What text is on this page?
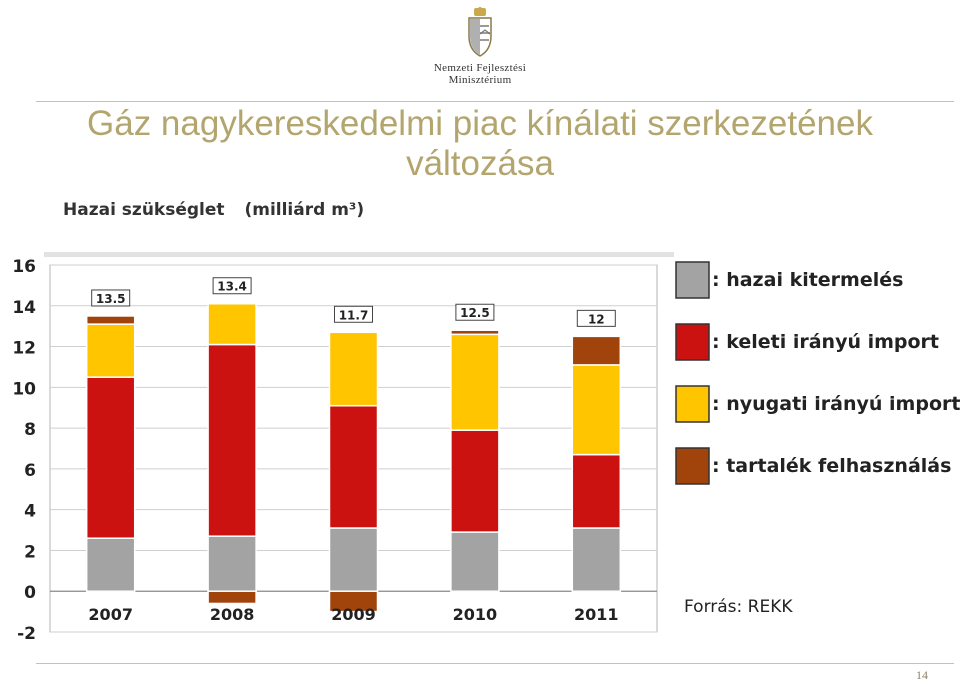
Nemzeti Fejlesztési
Minisztérium
Gáz nagykereskedelmi piac kínálati szerkezetének változása
Hazai szükséglet (milliárd m³)
-2
0
2
4
6
8
10
12
14
16
13.5
2007
13.4
2008
11.7
2009
12.5
2010
12
2011
: hazai kitermelés
: keleti irányú import
: nyugati irányú import
: tartalék felhasználás
Forrás: REKK
14
